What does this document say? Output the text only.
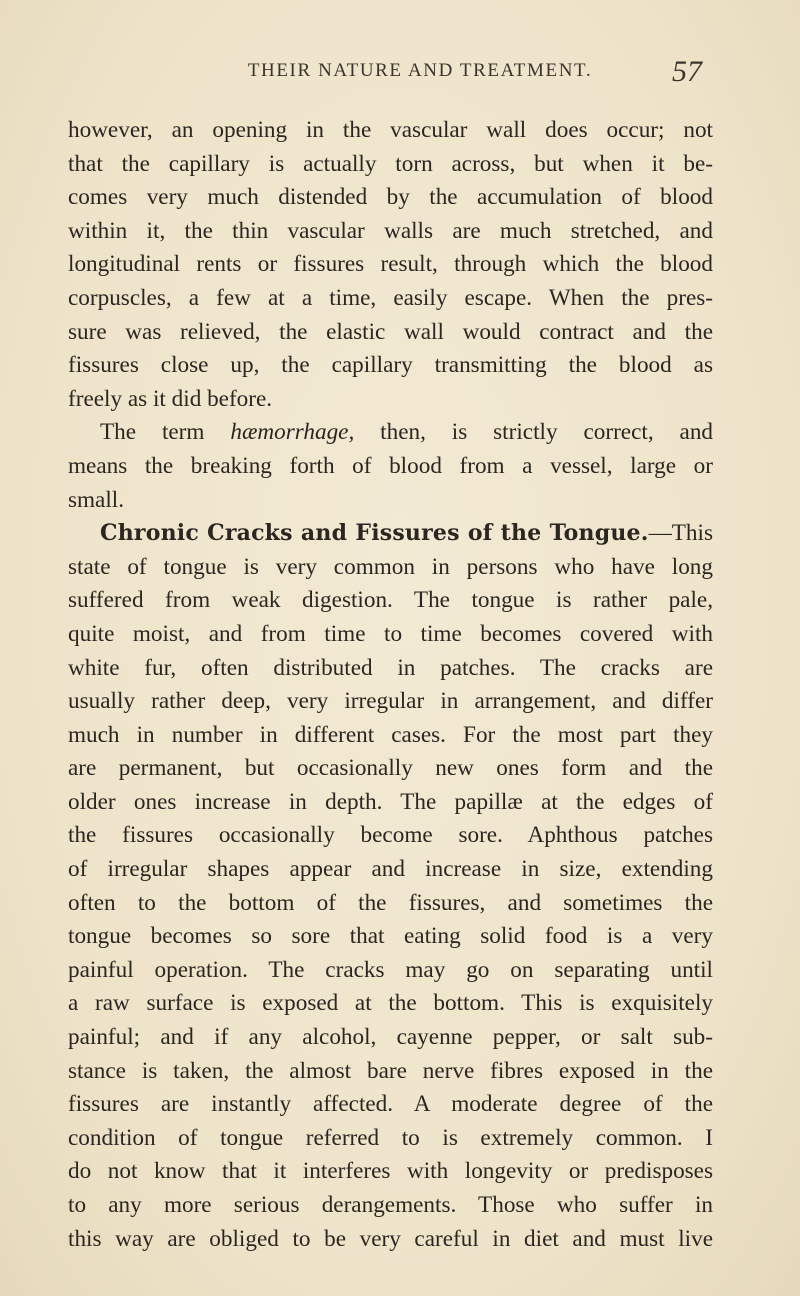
THEIR NATURE AND TREATMENT.	57
however, an opening in the vascular wall does occur; not
that the capillary is actually torn across, but when it be-
comes very much distended by the accumulation of blood
within it, the thin vascular walls are much stretched, and
longitudinal rents or fissures result, through which the blood
corpuscles, a few at a time, easily escape. When the pres-
sure was relieved, the elastic wall would contract and the
fissures close up, the capillary transmitting the blood as
freely as it did before.
The term hæmorrhage, then, is strictly correct, and
means the breaking forth of blood from a vessel, large or
small.
Chronic Cracks and Fissures of the Tongue.—This
state of tongue is very common in persons who have long
suffered from weak digestion. The tongue is rather pale,
quite moist, and from time to time becomes covered with
white fur, often distributed in patches. The cracks are
usually rather deep, very irregular in arrangement, and differ
much in number in different cases. For the most part they
are permanent, but occasionally new ones form and the
older ones increase in depth. The papillæ at the edges of
the fissures occasionally become sore. Aphthous patches
of irregular shapes appear and increase in size, extending
often to the bottom of the fissures, and sometimes the
tongue becomes so sore that eating solid food is a very
painful operation. The cracks may go on separating until
a raw surface is exposed at the bottom. This is exquisitely
painful; and if any alcohol, cayenne pepper, or salt sub-
stance is taken, the almost bare nerve fibres exposed in the
fissures are instantly affected. A moderate degree of the
condition of tongue referred to is extremely common. I
do not know that it interferes with longevity or predisposes
to any more serious derangements. Those who suffer in
this way are obliged to be very careful in diet and must live
